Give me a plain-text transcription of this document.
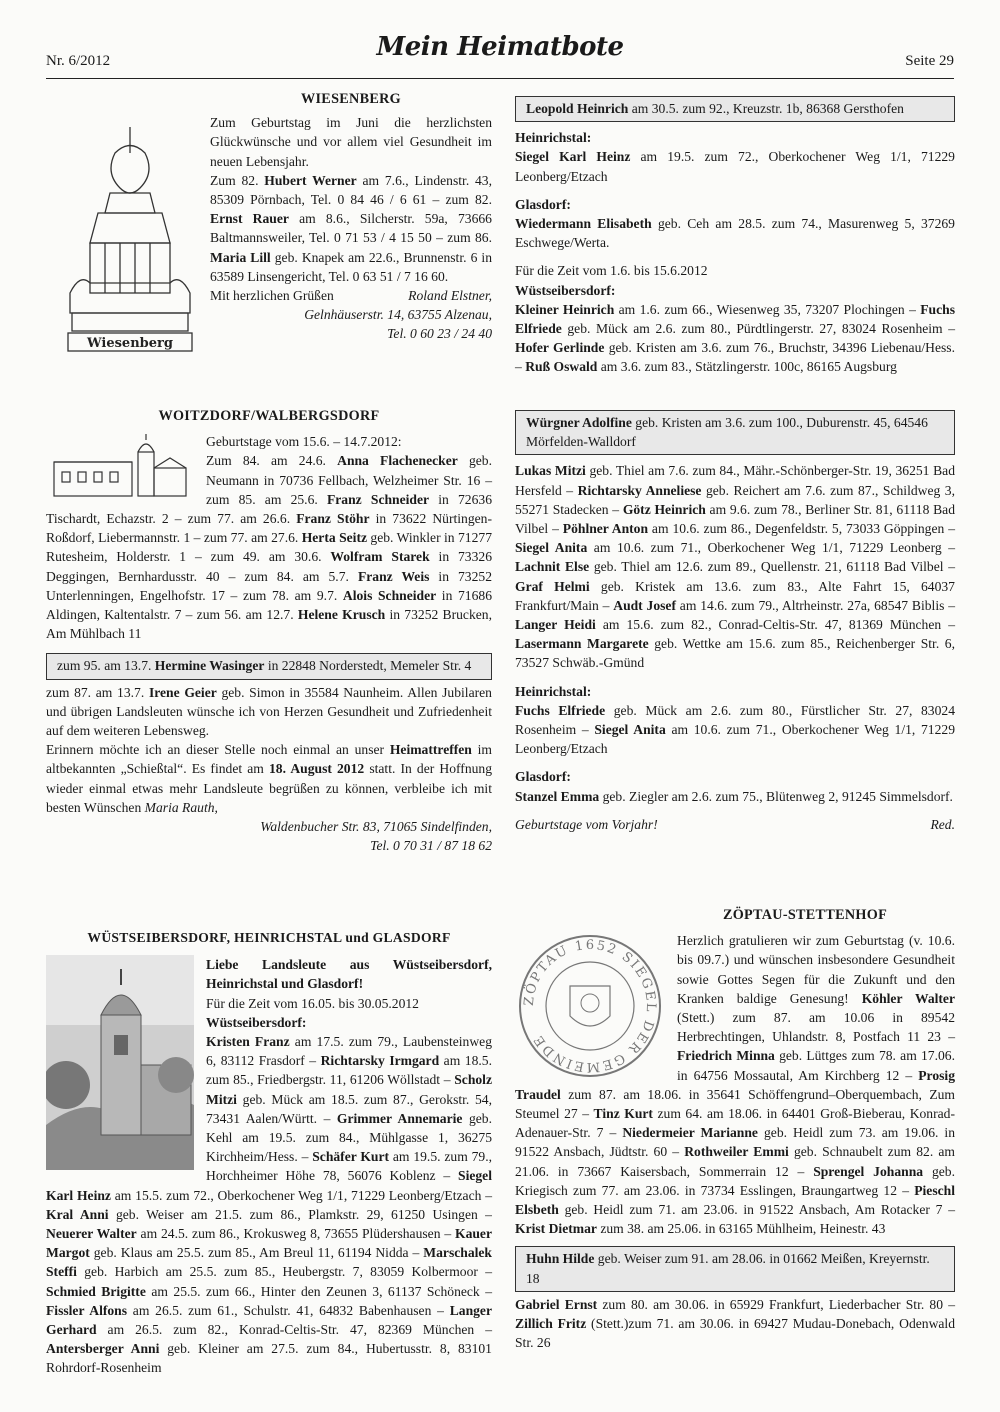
Nr. 6/2012	Mein Heimatbote	Seite 29
WIESENBERG
Wiesenberg
Zum Geburtstag im Juni die herzlichsten Glückwünsche und vor allem viel Gesundheit im neuen Lebensjahr.
Zum 82. Hubert Werner am 7.6., Lindenstr. 43, 85309 Pörnbach, Tel. 0 84 46 / 6 61 – zum 82. Ernst Rauer am 8.6., Silcherstr. 59a, 73666 Baltmannsweiler, Tel. 0 71 53 / 4 15 50 – zum 86. Maria Lill geb. Knapek am 22.6., Brunnenstr. 6 in 63589 Linsengericht, Tel. 0 63 51 / 7 16 60.
Mit herzlichen Grüßen	Roland Elstner,
Gelnhäuserstr. 14, 63755 Alzenau,
Tel. 0 60 23 / 24 40
WOITZDORF/WALBERGSDORF
Geburtstage vom 15.6. – 14.7.2012:
Zum 84. am 24.6. Anna Flachenecker geb. Neumann in 70736 Fellbach, Welzheimer Str. 16 – zum 85. am 25.6. Franz Schneider in 72636 Tischardt, Echazstr. 2 – zum 77. am 26.6. Franz Stöhr in 73622 Nürtingen-Roßdorf, Liebermannstr. 1 – zum 77. am 27.6. Herta Seitz geb. Winkler in 71277 Rutesheim, Holderstr. 1 – zum 49. am 30.6. Wolfram Starek in 73326 Deggingen, Bernhardusstr. 40 – zum 84. am 5.7. Franz Weis in 73252 Unterlenningen, Engelhofstr. 17 – zum 78. am 9.7. Alois Schneider in 71686 Aldingen, Kaltentalstr. 7 – zum 56. am 12.7. Helene Krusch in 73252 Brucken, Am Mühlbach 11
zum 95. am 13.7. Hermine Wasinger in 22848 Norderstedt, Memeler Str. 4
zum 87. am 13.7. Irene Geier geb. Simon in 35584 Naunheim. Allen Jubilaren und übrigen Landsleuten wünsche ich von Herzen Gesundheit und Zufriedenheit auf dem weiteren Lebensweg.
Erinnern möchte ich an dieser Stelle noch einmal an unser Heimattreffen im altbekannten „Schießtal“. Es findet am 18. August 2012 statt. In der Hoffnung wieder einmal etwas mehr Landsleute begrüßen zu können, verbleibe ich mit besten Wünschen Maria Rauth,
Waldenbucher Str. 83, 71065 Sindelfinden,
Tel. 0 70 31 / 87 18 62
WÜSTSEIBERSDORF, HEINRICHSTAL und GLASDORF
Liebe Landsleute aus Wüstseibersdorf, Heinrichstal und Glasdorf!
Für die Zeit vom 16.05. bis 30.05.2012
Wüstseibersdorf:
Kristen Franz am 17.5. zum 79., Laubensteinweg 6, 83112 Frasdorf – Richtarsky Irmgard am 18.5. zum 85., Friedbergstr. 11, 61206 Wöllstadt – Scholz Mitzi geb. Mück am 18.5. zum 87., Gerokstr. 54, 73431 Aalen/Württ. – Grimmer Annemarie geb. Kehl am 19.5. zum 84., Mühlgasse 1, 36275 Kirchheim/Hess. – Schäfer Kurt am 19.5. zum 79., Horchheimer Höhe 78, 56076 Koblenz – Siegel Karl Heinz am 15.5. zum 72., Oberkochener Weg 1/1, 71229 Leonberg/Etzach – Kral Anni geb. Weiser am 21.5. zum 86., Plamkstr. 29, 61250 Usingen – Neuerer Walter am 24.5. zum 86., Krokusweg 8, 73655 Plüdershausen – Kauer Margot geb. Klaus am 25.5. zum 85., Am Breul 11, 61194 Nidda – Marschalek Steffi geb. Harbich am 25.5. zum 85., Heubergstr. 7, 83059 Kolbermoor – Schmied Brigitte am 25.5. zum 66., Hinter den Zeunen 3, 61137 Schöneck – Fissler Alfons am 26.5. zum 61., Schulstr. 41, 64832 Babenhausen – Langer Gerhard am 26.5. zum 82., Konrad-Celtis-Str. 47, 82369 München – Antersberger Anni geb. Kleiner am 27.5. zum 84., Hubertusstr. 8, 83101 Rohrdorf-Rosenheim
Leopold Heinrich am 30.5. zum 92., Kreuzstr. 1b, 86368 Gersthofen
Heinrichstal:
Siegel Karl Heinz am 19.5. zum 72., Oberkochener Weg 1/1, 71229 Leonberg/Etzach
Glasdorf:
Wiedermann Elisabeth geb. Ceh am 28.5. zum 74., Masurenweg 5, 37269 Eschwege/Werta.
Für die Zeit vom 1.6. bis 15.6.2012
Wüstseibersdorf:
Kleiner Heinrich am 1.6. zum 66., Wiesenweg 35, 73207 Plochingen – Fuchs Elfriede geb. Mück am 2.6. zum 80., Pürdtlingerstr. 27, 83024 Rosenheim – Hofer Gerlinde geb. Kristen am 3.6. zum 76., Bruchstr, 34396 Liebenau/Hess. – Ruß Oswald am 3.6. zum 83., Stätzlingerstr. 100c, 86165 Augsburg
Würgner Adolfine geb. Kristen am 3.6. zum 100., Duburenstr. 45, 64546 Mörfelden-Walldorf
Lukas Mitzi geb. Thiel am 7.6. zum 84., Mähr.-Schönberger-Str. 19, 36251 Bad Hersfeld – Richtarsky Anneliese geb. Reichert am 7.6. zum 87., Schildweg 3, 55271 Stadecken – Götz Heinrich am 9.6. zum 78., Berliner Str. 81, 61118 Bad Vilbel – Pöhlner Anton am 10.6. zum 86., Degenfeldstr. 5, 73033 Göppingen – Siegel Anita am 10.6. zum 71., Oberkochener Weg 1/1, 71229 Leonberg – Lachnit Else geb. Thiel am 12.6. zum 89., Quellenstr. 21, 61118 Bad Vilbel – Graf Helmi geb. Kristek am 13.6. zum 83., Alte Fahrt 15, 64037 Frankfurt/Main – Audt Josef am 14.6. zum 79., Altrheinstr. 27a, 68547 Biblis – Langer Heidi am 15.6. zum 82., Conrad-Celtis-Str. 47, 81369 München – Lasermann Margarete geb. Wettke am 15.6. zum 85., Reichenberger Str. 6, 73527 Schwäb.-Gmünd
Heinrichstal:
Fuchs Elfriede geb. Mück am 2.6. zum 80., Fürstlicher Str. 27, 83024 Rosenheim – Siegel Anita am 10.6. zum 71., Oberkochener Weg 1/1, 71229 Leonberg/Etzach
Glasdorf:
Stanzel Emma geb. Ziegler am 2.6. zum 75., Blütenweg 2, 91245 Simmelsdorf.
Geburtstage vom Vorjahr!	Red.
ZÖPTAU-STETTENHOF
ZÖPTAU 1652 SIEGEL DER GEMEINDE
Herzlich gratulieren wir zum Geburtstag (v. 10.6. bis 09.7.) und wünschen insbesondere Gesundheit sowie Gottes Segen für die Zukunft und den Kranken baldige Genesung! Köhler Walter (Stett.) zum 87. am 10.06 in 89542 Herbrechtingen, Uhlandstr. 8, Postfach 11 23 – Friedrich Minna geb. Lüttges zum 78. am 17.06. in 64756 Mossautal, Am Kirchberg 12 – Prosig Traudel zum 87. am 18.06. in 35641 Schöffengrund–Oberquembach, Zum Steumel 27 – Tinz Kurt zum 64. am 18.06. in 64401 Groß-Bieberau, Konrad-Adenauer-Str. 7 – Niedermeier Marianne geb. Heidl zum 73. am 19.06. in 91522 Ansbach, Jüdtstr. 60 – Rothweiler Emmi geb. Schnaubelt zum 82. am 21.06. in 73667 Kaisersbach, Sommerrain 12 – Sprengel Johanna geb. Kriegisch zum 77. am 23.06. in 73734 Esslingen, Braungartweg 12 – Pieschl Elsbeth geb. Heidl zum 71. am 23.06. in 91522 Ansbach, Am Rotacker 7 – Krist Dietmar zum 38. am 25.06. in 63165 Mühlheim, Heinestr. 43
Huhn Hilde geb. Weiser zum 91. am 28.06. in 01662 Meißen, Kreyernstr. 18
Gabriel Ernst zum 80. am 30.06. in 65929 Frankfurt, Liederbacher Str. 80 – Zillich Fritz (Stett.)zum 71. am 30.06. in 69427 Mudau-Donebach, Odenwald Str. 26
